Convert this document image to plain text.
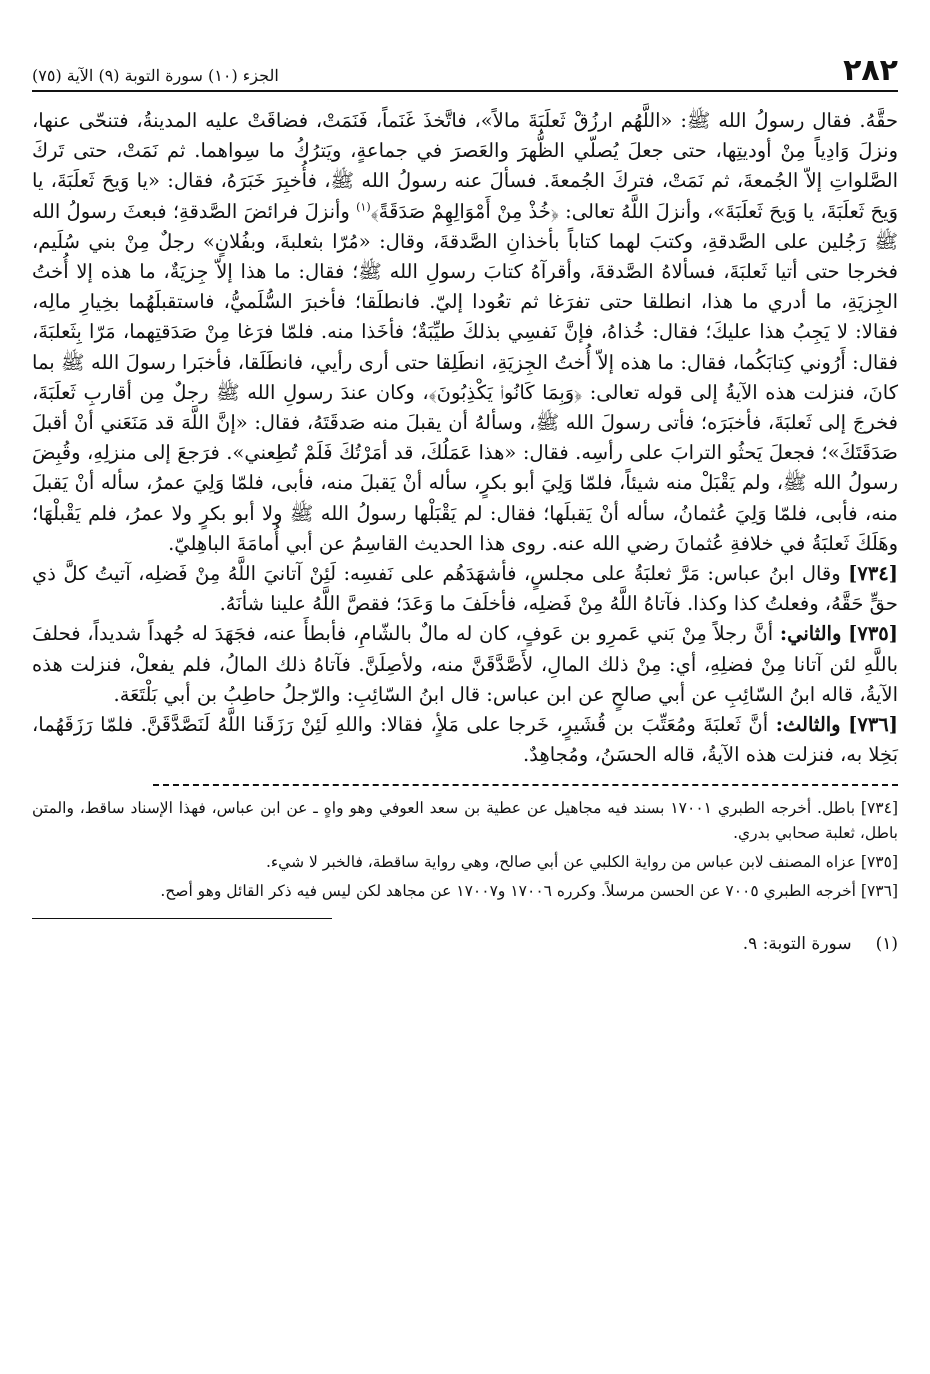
٢٨٢
الجزء (١٠) سورة التوبة (٩) الآية (٧٥)

حقَّهُ. فقال رسولُ الله ﷺ: «اللَّهُم ارزُقْ ثَعلَبَةَ مالاً»، فاتَّخذَ غَنَماً، فَنَمَتْ، فضاقَتْ عليه المدينةُ، فتنحّى عنها، ونزلَ وَادِياً مِنْ أوديتِها، حتى جعلَ يُصلّي الظُّهرَ والعَصرَ في جماعةٍ، ويَترُكُ ما سِواهما. ثم نَمَتْ، حتى تَركَ الصَّلواتِ إلاّ الجُمعةَ، ثم نَمَتْ، فتركَ الجُمعةَ. فسألَ عنه رسولُ الله ﷺ، فأُخبِرَ خَبَرَهُ، فقال: «يا وَيحَ ثَعلَبَةَ، يا وَيحَ ثَعلَبَةَ، يا وَيحَ ثَعلَبَةَ»، وأنزلَ اللَّهُ تعالى: ﴿خُذْ مِنْ أَمْوَالِهِمْ صَدَقَةً﴾$^{(١)}$ وأنزلَ فرائضَ الصَّدقةِ؛ فبعثَ رسولُ الله ﷺ رَجُلين على الصَّدقةِ، وكتبَ لهما كتاباً بأخذانِ الصَّدقةَ، وقال: «مُرّا بثعلبةَ، وبفُلانٍ» رجلٌ مِنْ بني سُلَيم، فخرجا حتى أتيا ثَعلبَةَ، فسألاهُ الصَّدقةَ، وأقرآهُ كتابَ رسولِ الله ﷺ؛ فقال: ما هذا إلاّ جِزيَةٌ، ما هذه إلا أُختُ الجِزيَةِ، ما أدري ما هذا، انطلقا حتى تفرَغا ثم تعُودا إليّ. فانطلَقا؛ فأخبرَ السُّلَميُّ، فاستقبلَهُما بخِيارِ مالِه، فقالا: لا يَجِبُ هذا عليكَ؛ فقال: خُذاهُ، فإنَّ نَفسِي بذلكَ طيِّبَةٌ؛ فأخَذا منه. فلمّا فرَغا مِنْ صَدَقتِهما، مَرّا بِثَعلبَةَ، فقال: أَرُوني كِتابَكُما، فقال: ما هذه إلاّ أُختُ الجِزيَةِ، انطَلِقا حتى أرى رأيي، فانطَلَقا، فأخبَرا رسولَ الله ﷺ بما كانَ، فنزلت هذه الآيةُ إلى قوله تعالى: ﴿وَبِمَا كَانُوا۟ يَكْذِبُونَ﴾، وكان عندَ رسولِ الله ﷺ رجلٌ مِن أقاربِ ثَعلَبَةَ، فخرجَ إلى ثَعلبَةَ، فأخبَرَه؛ فأتى رسولَ الله ﷺ، وسألهُ أن يقبلَ منه صَدقَتَهُ، فقال: «إنَّ اللَّهَ قد مَنَعَني أنْ أقبلَ صَدَقَتَكَ»؛ فجعلَ يَحثُو الترابَ على رأسِه. فقال: «هذا عَمَلُكَ، قد أمَرْتُكَ فَلَمْ تُطِعني». فرَجعَ إلى منزلِهِ، وقُبِضَ رسولُ الله ﷺ، ولم يَقْبَلْ منه شيئاً، فلمّا وَلِيَ أبو بكرٍ، سأله أنْ يَقبلَ منه، فأبى، فلمّا وَلِيَ عمرُ، سأله أنْ يَقبلَ منه، فأبى، فلمّا وَلِيَ عُثمانُ، سأله أنْ يَقبلَها؛ فقال: لم يَقْبَلْها رسولُ الله ﷺ ولا أبو بكرٍ ولا عمرُ، فلم يَقْبلْهَا؛ وهَلَكَ ثَعلبَةُ في خلافةِ عُثمانَ رضي الله عنه. روى هذا الحديث القاسِمُ عن أبي أُمامَةَ الباهِليّ.

[٧٣٤] وقال ابنُ عباس: مَرَّ ثعلبَةُ على مجلسٍ، فأشهَدَهُم على نَفسِه: لَئِنْ آتانيَ اللَّهُ مِنْ فَضلِه، آتيتُ كلَّ ذي حقٍّ حَقَّهُ، وفعلتُ كذا وكذا. فآتاهُ اللَّهُ مِنْ فَضلِه، فأخلَفَ ما وَعَدَ؛ فقصَّ اللَّهُ علينا شأنَهُ.

[٧٣٥] والثاني: أنَّ رجلاً مِنْ بَني عَمرِو بن عَوفٍ، كان له مالٌ بالشّامِ، فأبطأَ عنه، فجَهَدَ له جُهداً شديداً، فحلفَ باللَّهِ لئن آتانا مِنْ فضلِهِ، أي: مِنْ ذلك المالِ، لأَصَّدَّقَنَّ منه، ولأصِلَنَّ. فآتاهُ ذلك المالُ، فلم يفعلْ، فنزلت هذه الآيةُ، قاله ابنُ السّائِبِ عن أبي صالحٍ عن ابن عباس: قال ابنُ السّائِبِ: والرّجلُ حاطِبُ بن أبي بَلْتَعَة.

[٧٣٦] والثالث: أنَّ ثَعلبَةَ ومُعَتِّبَ بن قُشَيرٍ، خَرجا على مَلأٍ، فقالا: واللهِ لَئِنْ رَزَقَنا اللَّهُ لَنَصَّدَّقَنَّ. فلمّا رَزَقَهُما، بَخِلا به، فنزلت هذه الآيةُ، قاله الحسَنُ، ومُجاهِدٌ.

[٧٣٤] باطل. أخرجه الطبري ١٧٠٠١ بسند فيه مجاهيل عن عطية بن سعد العوفي وهو واهٍ ـ عن ابن عباس، فهذا الإسناد ساقط، والمتن باطل، ثعلبة صحابي بدري.

[٧٣٥] عزاه المصنف لابن عباس من رواية الكلبي عن أبي صالح، وهي رواية ساقطة، فالخبر لا شيء.

[٧٣٦] أخرجه الطبري ٧٠٠٥ عن الحسن مرسلاً. وكرره ١٧٠٠٦ و١٧٠٠٧ عن مجاهد لكن ليس فيه ذكر القائل وهو أصح.

(١)سورة التوبة: ٩.
